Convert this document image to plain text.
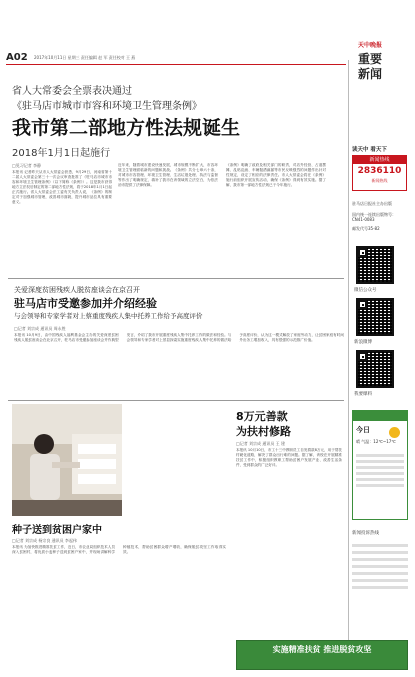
A02 2017年10月11日 星期三 责任编辑 赵 军 责任校对 王 燕
天中晚报
重要新闻
省人大常委会全票表决通过
《驻马店市城市市容和环境卫生管理条例》
我市第二部地方性法规诞生
2018年1月1日起施行
□见习记者 李静
本报讯 记者昨天从市人大常委会获悉，9月29日，河南省第十二届人大常委会第三十一次会议审查批准了《驻马店市城市市容和环境卫生管理条例》（以下简称《条例》）。这是我市获得地方立法权后制定的第二部地方性法规，将于2018年1月1日起正式施行。省人大常委会法工委有关负责人说，《条例》的制定对于加强城市管理，改善城市面貌，提升城市品位具有重要意义。
近年来，随着城市建设快速发展，城市规模不断扩大，市容环境卫生管理面临新的问题和挑战。《条例》共分七章六十条，对城市市容管理、环境卫生管理、生活垃圾处理、执法与监督等作出了明确规定，填补了我市在该领域的立法空白，为依法治市提供了法律保障。
《条例》明确了政府及相关部门的职责，对店外经营、占道摆摊、乱贴乱画、车辆抛洒滴漏等市民反映强烈的问题作出针对性规定，设定了相应的法律责任。市人大常委会将在《条例》施行前组织开展宣传活动，确保《条例》得到有效实施。据了解，我市第一部地方性法规已于今年施行。
关爱深度贫困残疾人脱贫座谈会在京召开
驻马店市受邀参加并介绍经验
与会领导和专家学者对上蔡重度残疾人集中托养工作给予高度评价
□记者 刘宗成 通讯员 周永胜
本报讯 10月9日，由中国残疾人福利基金会主办的关爱深度贫困残疾人脱贫座谈会在北京召开，驻马店市受邀参加座谈会并作典型发言，介绍了我市开展重度残疾人集中托养工作的做法和经验。与会领导和专家学者对上蔡县探索实施重度残疾人集中托养的做法给予高度评价，认为这一模式解放了家庭劳动力，让贫困家庭有时间外出务工增加收入，具有很强的示范推广价值。
种子送到贫困户家中
□记者 刘宗成 杨宗良 通讯员 李起伟
本报讯 为加快推进精准扶贫工作，近日，市农业局组织技术人员深入贫困村，将优质小麦种子送到贫困户家中，并现场讲解科学种植技术，帮助贫困群众增产增收，确保脱贫攻坚工作取得实效。
8万元善款
为扶村修路
□记者 刘宗成 通讯员 王 建
本报讯 10月10日，市工十三中教职员工自发捐款8万元，用于帮扶村硬化道路，解决了群众出行难的问题。据了解，该校在开展精准扶贫工作中，积极组织教职工帮助贫困户发展产业、改善生活条件，受到群众的广泛好评。
读天中 看天下
新闻热线
2836110
新闻热线
驻马店日报社主办出版
国内统一连续出版物号：CN41-0083
邮发代号35-82
微信公众号
新浪微博
我要爆料
今日
晴 气温：12℃~17℃
新闻投诉热线
实施精准扶贫 推进脱贫攻坚
